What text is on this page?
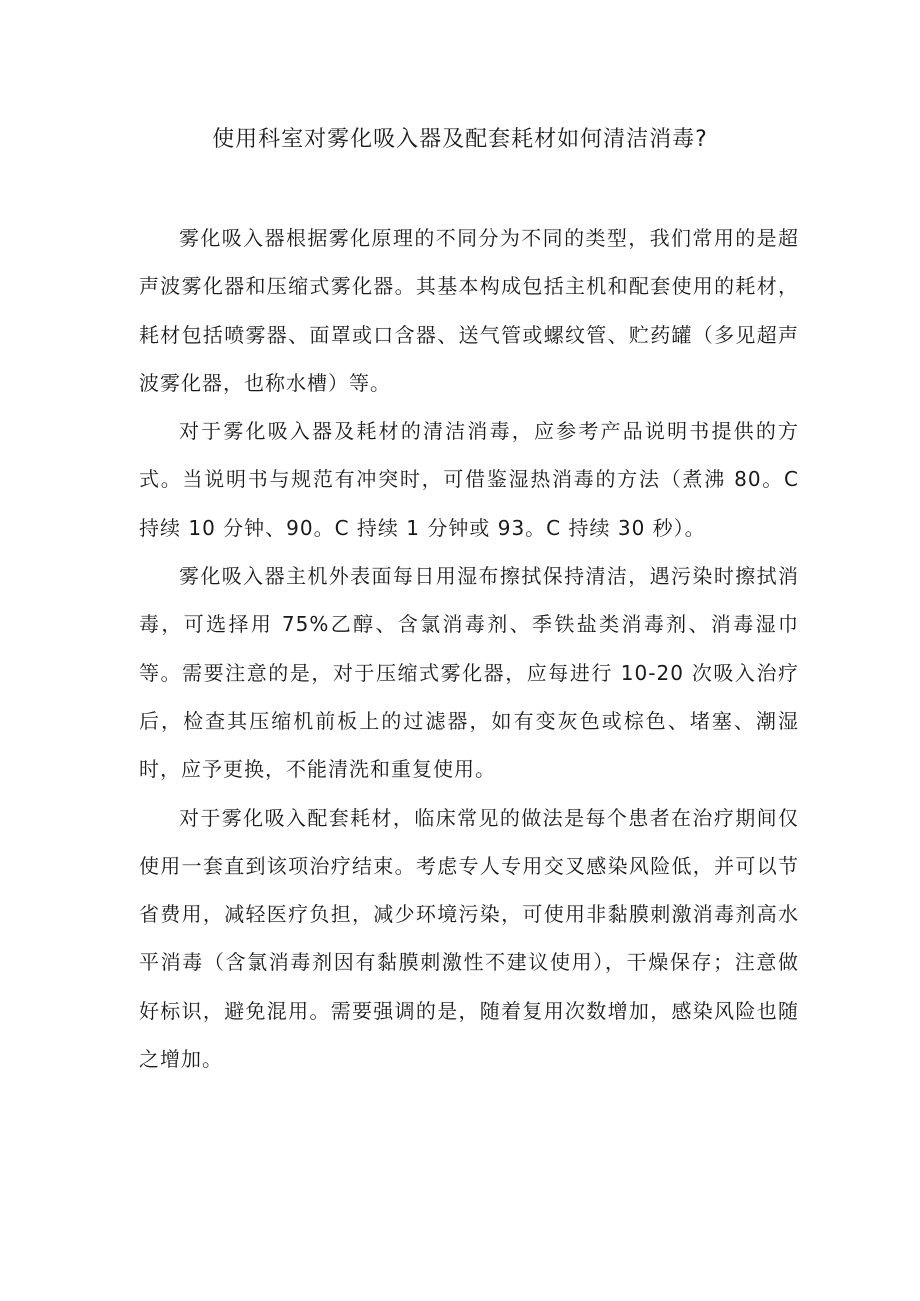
使用科室对雾化吸入器及配套耗材如何清洁消毒?

雾化吸入器根据雾化原理的不同分为不同的类型，我们常用的是超声波雾化器和压缩式雾化器。其基本构成包括主机和配套使用的耗材，耗材包括喷雾器、面罩或口含器、送气管或螺纹管、贮药罐（多见超声波雾化器，也称水槽）等。

对于雾化吸入器及耗材的清洁消毒，应参考产品说明书提供的方式。当说明书与规范有冲突时，可借鉴湿热消毒的方法（煮沸 80。C 持续 10 分钟、90。C 持续 1 分钟或 93。C 持续 30 秒）。

雾化吸入器主机外表面每日用湿布擦拭保持清洁，遇污染时擦拭消毒，可选择用 75%乙醇、含氯消毒剂、季铁盐类消毒剂、消毒湿巾等。需要注意的是，对于压缩式雾化器，应每进行 10-20 次吸入治疗后，检查其压缩机前板上的过滤器，如有变灰色或棕色、堵塞、潮湿时，应予更换，不能清洗和重复使用。

对于雾化吸入配套耗材，临床常见的做法是每个患者在治疗期间仅使用一套直到该项治疗结束。考虑专人专用交叉感染风险低，并可以节省费用，减轻医疗负担，减少环境污染，可使用非黏膜刺激消毒剂高水平消毒（含氯消毒剂因有黏膜刺激性不建议使用），干燥保存；注意做好标识，避免混用。需要强调的是，随着复用次数增加，感染风险也随之增加。
